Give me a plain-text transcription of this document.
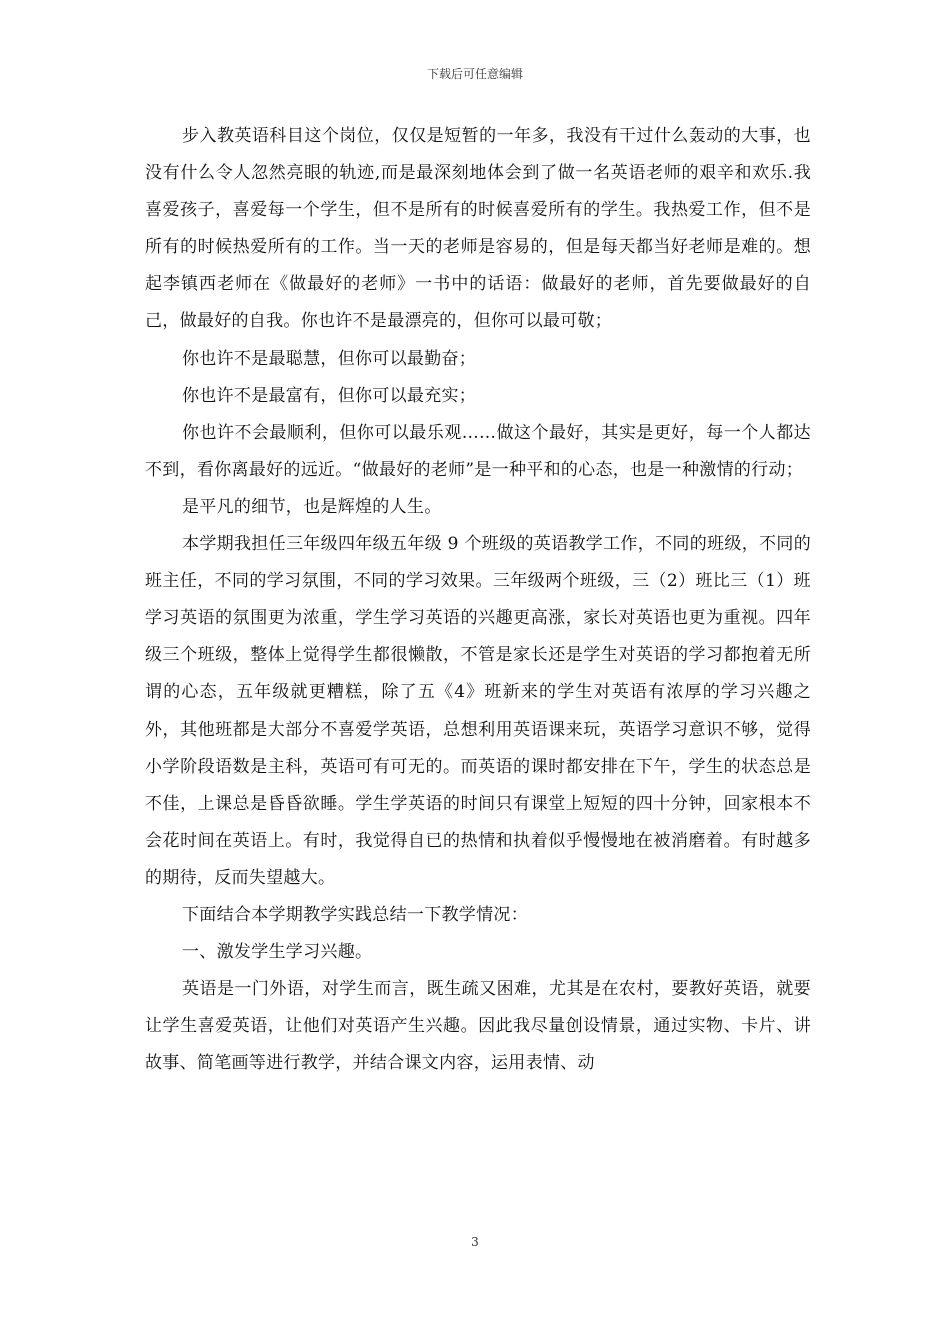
下载后可任意编辑

步入教英语科目这个岗位，仅仅是短暂的一年多，我没有干过什么轰动的大事，也没有什么令人忽然亮眼的轨迹,而是最深刻地体会到了做一名英语老师的艰辛和欢乐.我喜爱孩子，喜爱每一个学生，但不是所有的时候喜爱所有的学生。我热爱工作，但不是所有的时候热爱所有的工作。当一天的老师是容易的，但是每天都当好老师是难的。想起李镇西老师在《做最好的老师》一书中的话语：做最好的老师，首先要做最好的自己，做最好的自我。你也许不是最漂亮的，但你可以最可敬；

你也许不是最聪慧，但你可以最勤奋；

你也许不是最富有，但你可以最充实；

你也许不会最顺利，但你可以最乐观……做这个最好，其实是更好，每一个人都达不到，看你离最好的远近。“做最好的老师”是一种平和的心态，也是一种激情的行动；

是平凡的细节，也是辉煌的人生。

本学期我担任三年级四年级五年级 9 个班级的英语教学工作，不同的班级，不同的班主任，不同的学习氛围，不同的学习效果。三年级两个班级，三（2）班比三（1）班学习英语的氛围更为浓重，学生学习英语的兴趣更高涨，家长对英语也更为重视。四年级三个班级，整体上觉得学生都很懒散，不管是家长还是学生对英语的学习都抱着无所谓的心态，五年级就更糟糕，除了五《4》班新来的学生对英语有浓厚的学习兴趣之外，其他班都是大部分不喜爱学英语，总想利用英语课来玩，英语学习意识不够，觉得小学阶段语数是主科，英语可有可无的。而英语的课时都安排在下午，学生的状态总是不佳，上课总是昏昏欲睡。学生学英语的时间只有课堂上短短的四十分钟，回家根本不会花时间在英语上。有时，我觉得自已的热情和执着似乎慢慢地在被消磨着。有时越多的期待，反而失望越大。

下面结合本学期教学实践总结一下教学情况：

一、激发学生学习兴趣。

英语是一门外语，对学生而言，既生疏又困难，尤其是在农村，要教好英语，就要让学生喜爱英语，让他们对英语产生兴趣。因此我尽量创设情景，通过实物、卡片、讲故事、简笔画等进行教学，并结合课文内容，运用表情、动

3
